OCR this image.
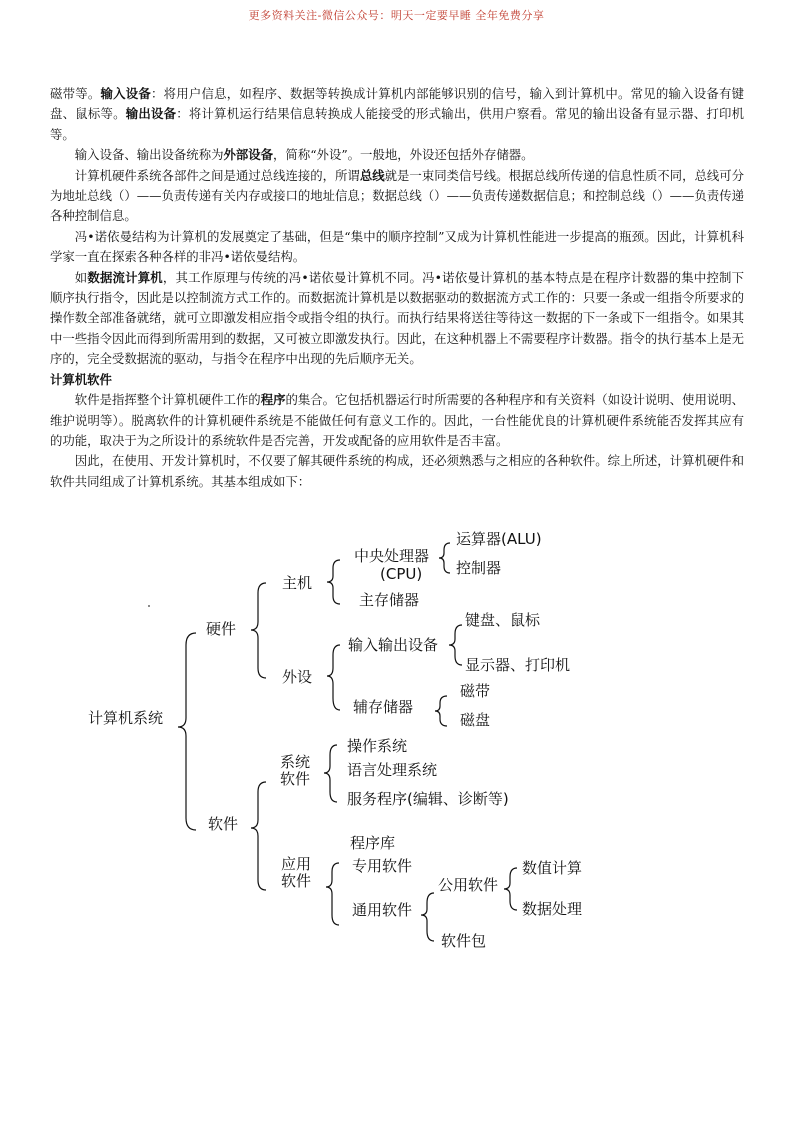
更多资料关注-微信公众号：明天一定要早睡 全年免费分享

磁带等。输入设备：将用户信息，如程序、数据等转换成计算机内部能够识别的信号，输入到计算机中。常见的输入设备有键盘、鼠标等。输出设备：将计算机运行结果信息转换成人能接受的形式输出，供用户察看。常见的输出设备有显示器、打印机等。

输入设备、输出设备统称为外部设备，简称“外设”。一般地，外设还包括外存储器。

计算机硬件系统各部件之间是通过总线连接的，所谓总线就是一束同类信号线。根据总线所传递的信息性质不同，总线可分为地址总线（）——负责传递有关内存或接口的地址信息；数据总线（）——负责传递数据信息；和控制总线（）——负责传递各种控制信息。

冯•诺依曼结构为计算机的发展奠定了基础，但是“集中的顺序控制”又成为计算机性能进一步提高的瓶颈。因此，计算机科学家一直在探索各种各样的非冯•诺依曼结构。

如数据流计算机，其工作原理与传统的冯•诺依曼计算机不同。冯•诺依曼计算机的基本特点是在程序计数器的集中控制下顺序执行指令，因此是以控制流方式工作的。而数据流计算机是以数据驱动的数据流方式工作的：只要一条或一组指令所要求的操作数全部准备就绪，就可立即激发相应指令或指令组的执行。而执行结果将送往等待这一数据的下一条或下一组指令。如果其中一些指令因此而得到所需用到的数据，又可被立即激发执行。因此，在这种机器上不需要程序计数器。指令的执行基本上是无序的，完全受数据流的驱动，与指令在程序中出现的先后顺序无关。

计算机软件

软件是指挥整个计算机硬件工作的程序的集合。它包括机器运行时所需要的各种程序和有关资料（如设计说明、使用说明、维护说明等）。脱离软件的计算机硬件系统是不能做任何有意义工作的。因此，一台性能优良的计算机硬件系统能否发挥其应有的功能，取决于为之所设计的系统软件是否完善，开发或配备的应用软件是否丰富。

因此，在使用、开发计算机时，不仅要了解其硬件系统的构成，还必须熟悉与之相应的各种软件。综上所述，计算机硬件和软件共同组成了计算机系统。其基本组成如下：

计算机系统
硬件
主机
中央处理器
(CPU)
运算器(ALU)
控制器
主存储器
外设
输入输出设备
键盘、鼠标
显示器、打印机
辅存储器
磁带
磁盘
软件
系统
软件
操作系统
语言处理系统
服务程序(编辑、诊断等)
应用
软件
程序库
专用软件
通用软件
公用软件
软件包
数值计算
数据处理
